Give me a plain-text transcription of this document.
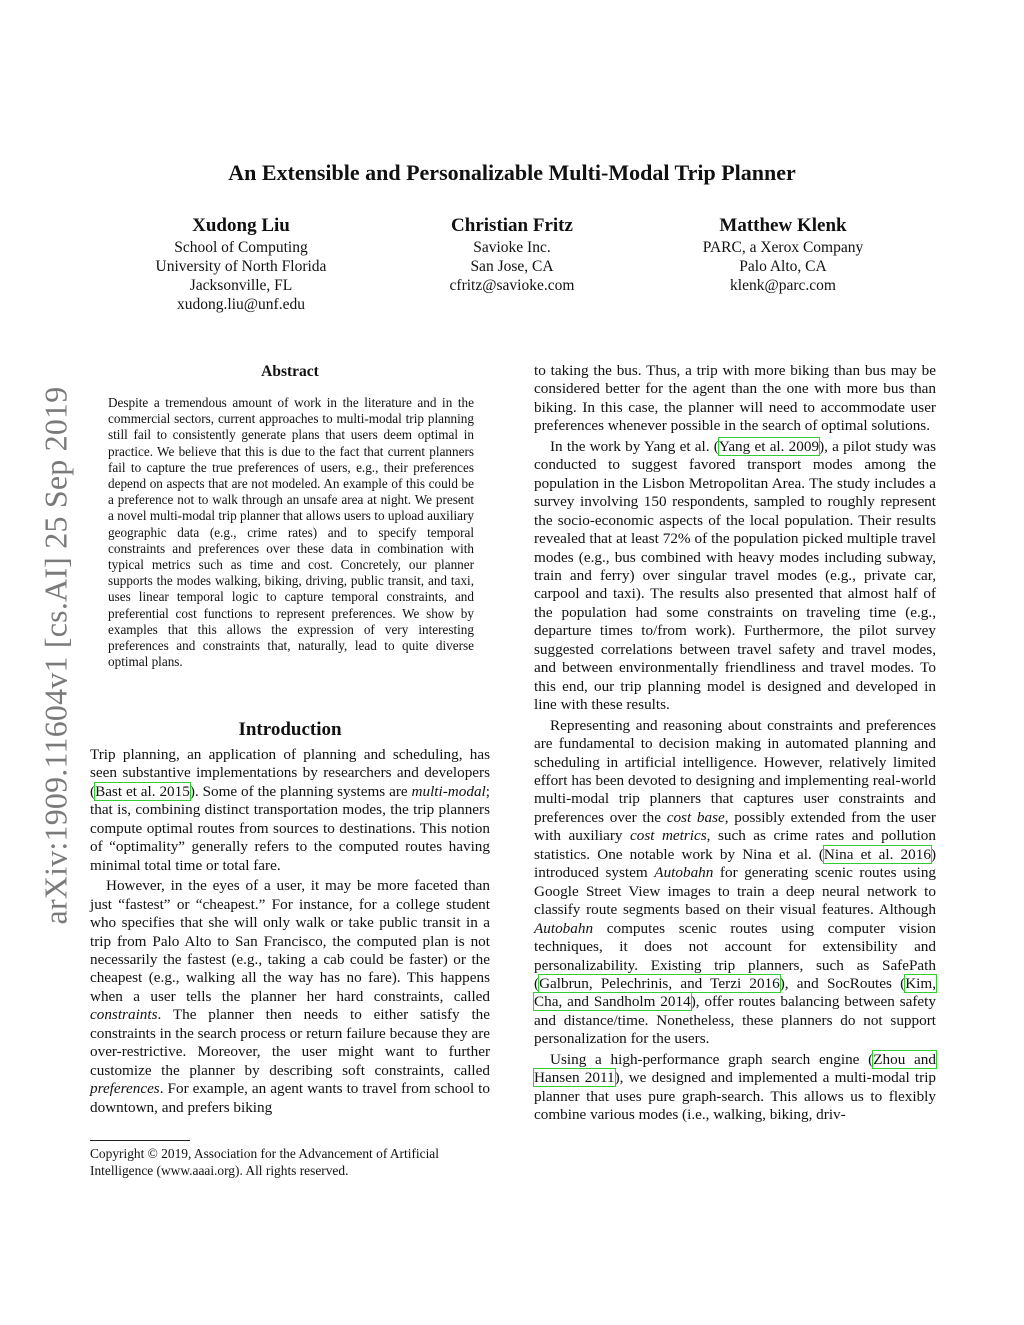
arXiv:1909.11604v1 [cs.AI] 25 Sep 2019
An Extensible and Personalizable Multi-Modal Trip Planner
Xudong Liu
School of Computing
University of North Florida
Jacksonville, FL
xudong.liu@unf.edu
Christian Fritz
Savioke Inc.
San Jose, CA
cfritz@savioke.com
Matthew Klenk
PARC, a Xerox Company
Palo Alto, CA
klenk@parc.com
Abstract
Despite a tremendous amount of work in the literature and in the commercial sectors, current approaches to multi-modal trip planning still fail to consistently generate plans that users deem optimal in practice. We believe that this is due to the fact that current planners fail to capture the true preferences of users, e.g., their preferences depend on aspects that are not modeled. An example of this could be a preference not to walk through an unsafe area at night. We present a novel multi-modal trip planner that allows users to upload auxiliary geographic data (e.g., crime rates) and to specify temporal constraints and preferences over these data in combination with typical metrics such as time and cost. Concretely, our planner supports the modes walking, biking, driving, public transit, and taxi, uses linear temporal logic to capture temporal constraints, and preferential cost functions to represent preferences. We show by examples that this allows the expression of very interesting preferences and constraints that, naturally, lead to quite diverse optimal plans.
Introduction

Trip planning, an application of planning and scheduling, has seen substantive implementations by researchers and developers (Bast et al. 2015). Some of the planning systems are multi-modal; that is, combining distinct transportation modes, the trip planners compute optimal routes from sources to destinations. This notion of “optimality” generally refers to the computed routes having minimal total time or total fare.

However, in the eyes of a user, it may be more faceted than just “fastest” or “cheapest.” For instance, for a college student who specifies that she will only walk or take public transit in a trip from Palo Alto to San Francisco, the computed plan is not necessarily the fastest (e.g., taking a cab could be faster) or the cheapest (e.g., walking all the way has no fare). This happens when a user tells the planner her hard constraints, called constraints. The planner then needs to either satisfy the constraints in the search process or return failure because they are over-restrictive. Moreover, the user might want to further customize the planner by describing soft constraints, called preferences. For example, an agent wants to travel from school to downtown, and prefers biking

Copyright © 2019, Association for the Advancement of Artificial Intelligence (www.aaai.org). All rights reserved.

to taking the bus. Thus, a trip with more biking than bus may be considered better for the agent than the one with more bus than biking. In this case, the planner will need to accommodate user preferences whenever possible in the search of optimal solutions.

In the work by Yang et al. (Yang et al. 2009), a pilot study was conducted to suggest favored transport modes among the population in the Lisbon Metropolitan Area. The study includes a survey involving 150 respondents, sampled to roughly represent the socio-economic aspects of the local population. Their results revealed that at least 72% of the population picked multiple travel modes (e.g., bus combined with heavy modes including subway, train and ferry) over singular travel modes (e.g., private car, carpool and taxi). The results also presented that almost half of the population had some constraints on traveling time (e.g., departure times to/from work). Furthermore, the pilot survey suggested correlations between travel safety and travel modes, and between environmentally friendliness and travel modes. To this end, our trip planning model is designed and developed in line with these results.

Representing and reasoning about constraints and preferences are fundamental to decision making in automated planning and scheduling in artificial intelligence. However, relatively limited effort has been devoted to designing and implementing real-world multi-modal trip planners that captures user constraints and preferences over the cost base, possibly extended from the user with auxiliary cost metrics, such as crime rates and pollution statistics. One notable work by Nina et al. (Nina et al. 2016) introduced system Autobahn for generating scenic routes using Google Street View images to train a deep neural network to classify route segments based on their visual features. Although Autobahn computes scenic routes using computer vision techniques, it does not account for extensibility and personalizability. Existing trip planners, such as SafePath (Galbrun, Pelechrinis, and Terzi 2016), and SocRoutes (Kim, Cha, and Sandholm 2014), offer routes balancing between safety and distance/time. Nonetheless, these planners do not support personalization for the users.

Using a high-performance graph search engine (Zhou and Hansen 2011), we designed and implemented a multi-modal trip planner that uses pure graph-search. This allows us to flexibly combine various modes (i.e., walking, biking, driv-
